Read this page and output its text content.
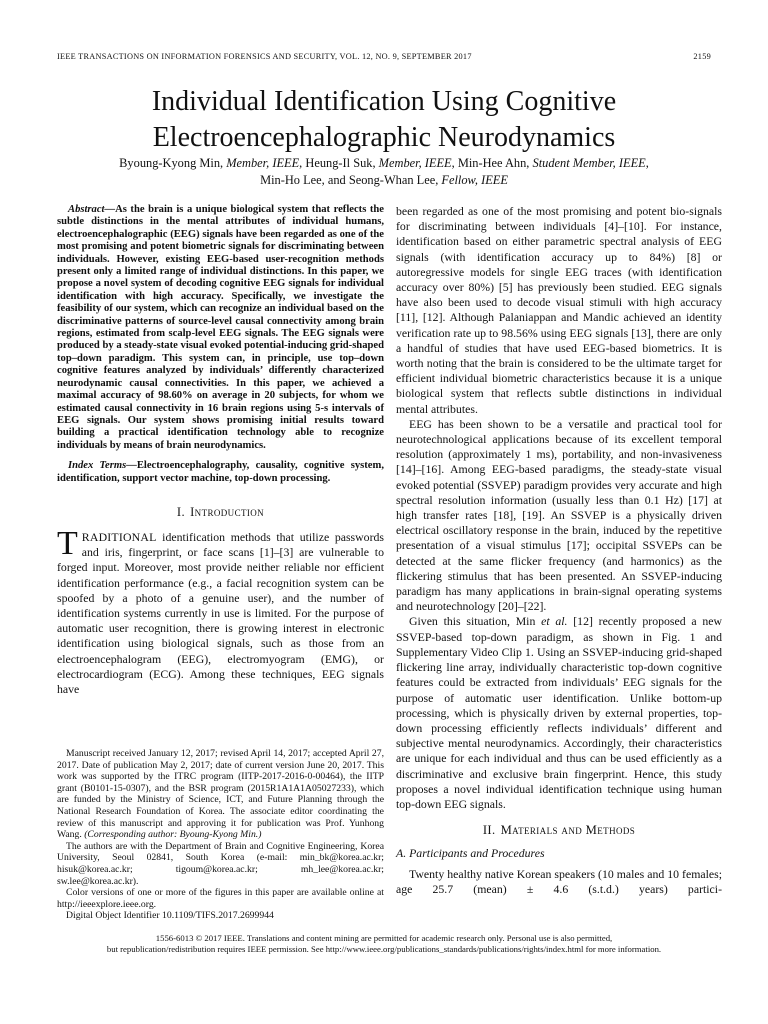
IEEE TRANSACTIONS ON INFORMATION FORENSICS AND SECURITY, VOL. 12, NO. 9, SEPTEMBER 2017	2159
Individual Identification Using Cognitive
Electroencephalographic Neurodynamics
Byoung-Kyong Min, Member, IEEE, Heung-Il Suk, Member, IEEE, Min-Hee Ahn, Student Member, IEEE,
Min-Ho Lee, and Seong-Whan Lee, Fellow, IEEE

Abstract—As the brain is a unique biological system that reflects the subtle distinctions in the mental attributes of individual humans, electroencephalographic (EEG) signals have been regarded as one of the most promising and potent biometric signals for discriminating between individuals. However, existing EEG-based user-recognition methods present only a limited range of individual distinctions. In this paper, we propose a novel system of decoding cognitive EEG signals for individual identification with high accuracy. Specifically, we investigate the feasibility of our system, which can recognize an individual based on the discriminative patterns of source-level causal connectivity among brain regions, estimated from scalp-level EEG signals. The EEG signals were produced by a steady-state visual evoked potential-inducing grid-shaped top–down paradigm. This system can, in principle, use top–down cognitive features analyzed by individuals’ differently characterized neurodynamic causal connectivities. In this paper, we achieved a maximal accuracy of 98.60% on average in 20 subjects, for whom we estimated causal connectivity in 16 brain regions using 5-s intervals of EEG signals. Our system shows promising initial results toward building a practical identification technology able to recognize individuals by means of brain neurodynamics.

Index Terms—Electroencephalography, causality, cognitive system, identification, support vector machine, top-down processing.

I. Introduction

TRADITIONAL identification methods that utilize passwords and iris, fingerprint, or face scans [1]–[3] are vulnerable to forged input. Moreover, most provide neither reliable nor efficient identification performance (e.g., a facial recognition system can be spoofed by a photo of a genuine user), and the number of identification systems currently in use is limited. For the purpose of automatic user recognition, there is growing interest in electronic identification using biological signals, such as those from an electroencephalogram (EEG), electromyogram (EMG), or electrocardiogram (ECG). Among these techniques, EEG signals have

been regarded as one of the most promising and potent bio-signals for discriminating between individuals [4]–[10]. For instance, identification based on either parametric spectral analysis of EEG signals (with identification accuracy up to 84%) [8] or autoregressive models for single EEG traces (with identification accuracy over 80%) [5] has previously been studied. EEG signals have also been used to decode visual stimuli with high accuracy [11], [12]. Although Palaniappan and Mandic achieved an identity verification rate up to 98.56% using EEG signals [13], there are only a handful of studies that have used EEG-based biometrics. It is worth noting that the brain is considered to be the ultimate target for efficient individual biometric characteristics because it is a unique biological system that reflects subtle distinctions in individual mental attributes.

EEG has been shown to be a versatile and practical tool for neurotechnological applications because of its excellent temporal resolution (approximately 1 ms), portability, and non-invasiveness [14]–[16]. Among EEG-based paradigms, the steady-state visual evoked potential (SSVEP) paradigm provides very accurate and high spectral resolution information (usually less than 0.1 Hz) [17] at high transfer rates [18], [19]. An SSVEP is a physically driven electrical oscillatory response in the brain, induced by the repetitive presentation of a visual stimulus [17]; occipital SSVEPs can be detected at the same flicker frequency (and harmonics) as the flickering stimulus that has been presented. An SSVEP-inducing paradigm has many applications in brain-signal operating systems and neurotechnology [20]–[22].

Given this situation, Min et al. [12] recently proposed a new SSVEP-based top-down paradigm, as shown in Fig. 1 and Supplementary Video Clip 1. Using an SSVEP-inducing grid-shaped flickering line array, individually characteristic top-down cognitive features could be extracted from individuals’ EEG signals for the purpose of automatic user identification. Unlike bottom-up processing, which is physically driven by external properties, top-down processing efficiently reflects individuals’ different and subjective mental neurodynamics. Accordingly, their characteristics are unique for each individual and thus can be used efficiently as a discriminative and exclusive brain fingerprint. Hence, this study proposes a novel individual identification technique using human top-down EEG signals.

II. Materials and Methods
A. Participants and Procedures

Twenty healthy native Korean speakers (10 males and 10 females; age 25.7 (mean) ± 4.6 (s.t.d.) years) partici-

Manuscript received January 12, 2017; revised April 14, 2017; accepted April 27, 2017. Date of publication May 2, 2017; date of current version June 20, 2017. This work was supported by the ITRC program (IITP-2017-2016-0-00464), the IITP grant (B0101-15-0307), and the BSR program (2015R1A1A1A05027233), which are funded by the Ministry of Science, ICT, and Future Planning through the National Research Foundation of Korea. The associate editor coordinating the review of this manuscript and approving it for publication was Prof. Yunhong Wang. (Corresponding author: Byoung-Kyong Min.)

The authors are with the Department of Brain and Cognitive Engineering, Korea University, Seoul 02841, South Korea (e-mail: min_bk@korea.ac.kr; hisuk@korea.ac.kr; tigoum@korea.ac.kr; mh_lee@korea.ac.kr; sw.lee@korea.ac.kr).

Color versions of one or more of the figures in this paper are available online at http://ieeexplore.ieee.org.

Digital Object Identifier 10.1109/TIFS.2017.2699944

1556-6013 © 2017 IEEE. Translations and content mining are permitted for academic research only. Personal use is also permitted,
but republication/redistribution requires IEEE permission. See http://www.ieee.org/publications_standards/publications/rights/index.html for more information.
